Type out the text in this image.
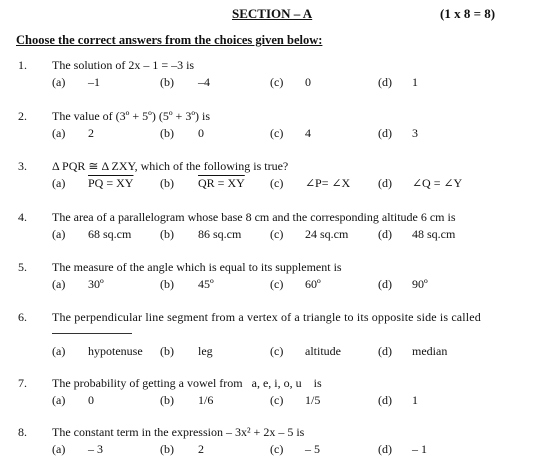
SECTION – A	(1 x 8 = 8)
Choose the correct answers from the choices given below:
1. The solution of 2x – 1 = –3 is
(a) –1	(b) –4	(c) 0	(d) 1
2. The value of (3º + 5º) (5º + 3º) is
(a) 2	(b) 0	(c) 4	(d) 3
3. Δ PQR ≅ Δ ZXY, which of the following is true?
(a) PQ = XY (b) QR = XY (c) ∠P= ∠X (d) ∠Q = ∠Y
4. The area of a parallelogram whose base 8 cm and the corresponding altitude 6 cm is
(a) 68 sq.cm (b) 86 sq.cm (c) 24 sq.cm (d) 48 sq.cm
5. The measure of the angle which is equal to its supplement is
(a) 30º	(b) 45º	(c) 60º	(d) 90º
6. The perpendicular line segment from a vertex of a triangle to its opposite side is called
(a) hypotenuse (b) leg	(c) altitude	(d) median
7. The probability of getting a vowel from   a, e, i, o, u    is
(a) 0	(b) 1/6	(c) 1/5	(d) 1
8. The constant term in the expression – 3x² + 2x – 5 is
(a) – 3	(b) 2	(c) – 5	(d) – 1
